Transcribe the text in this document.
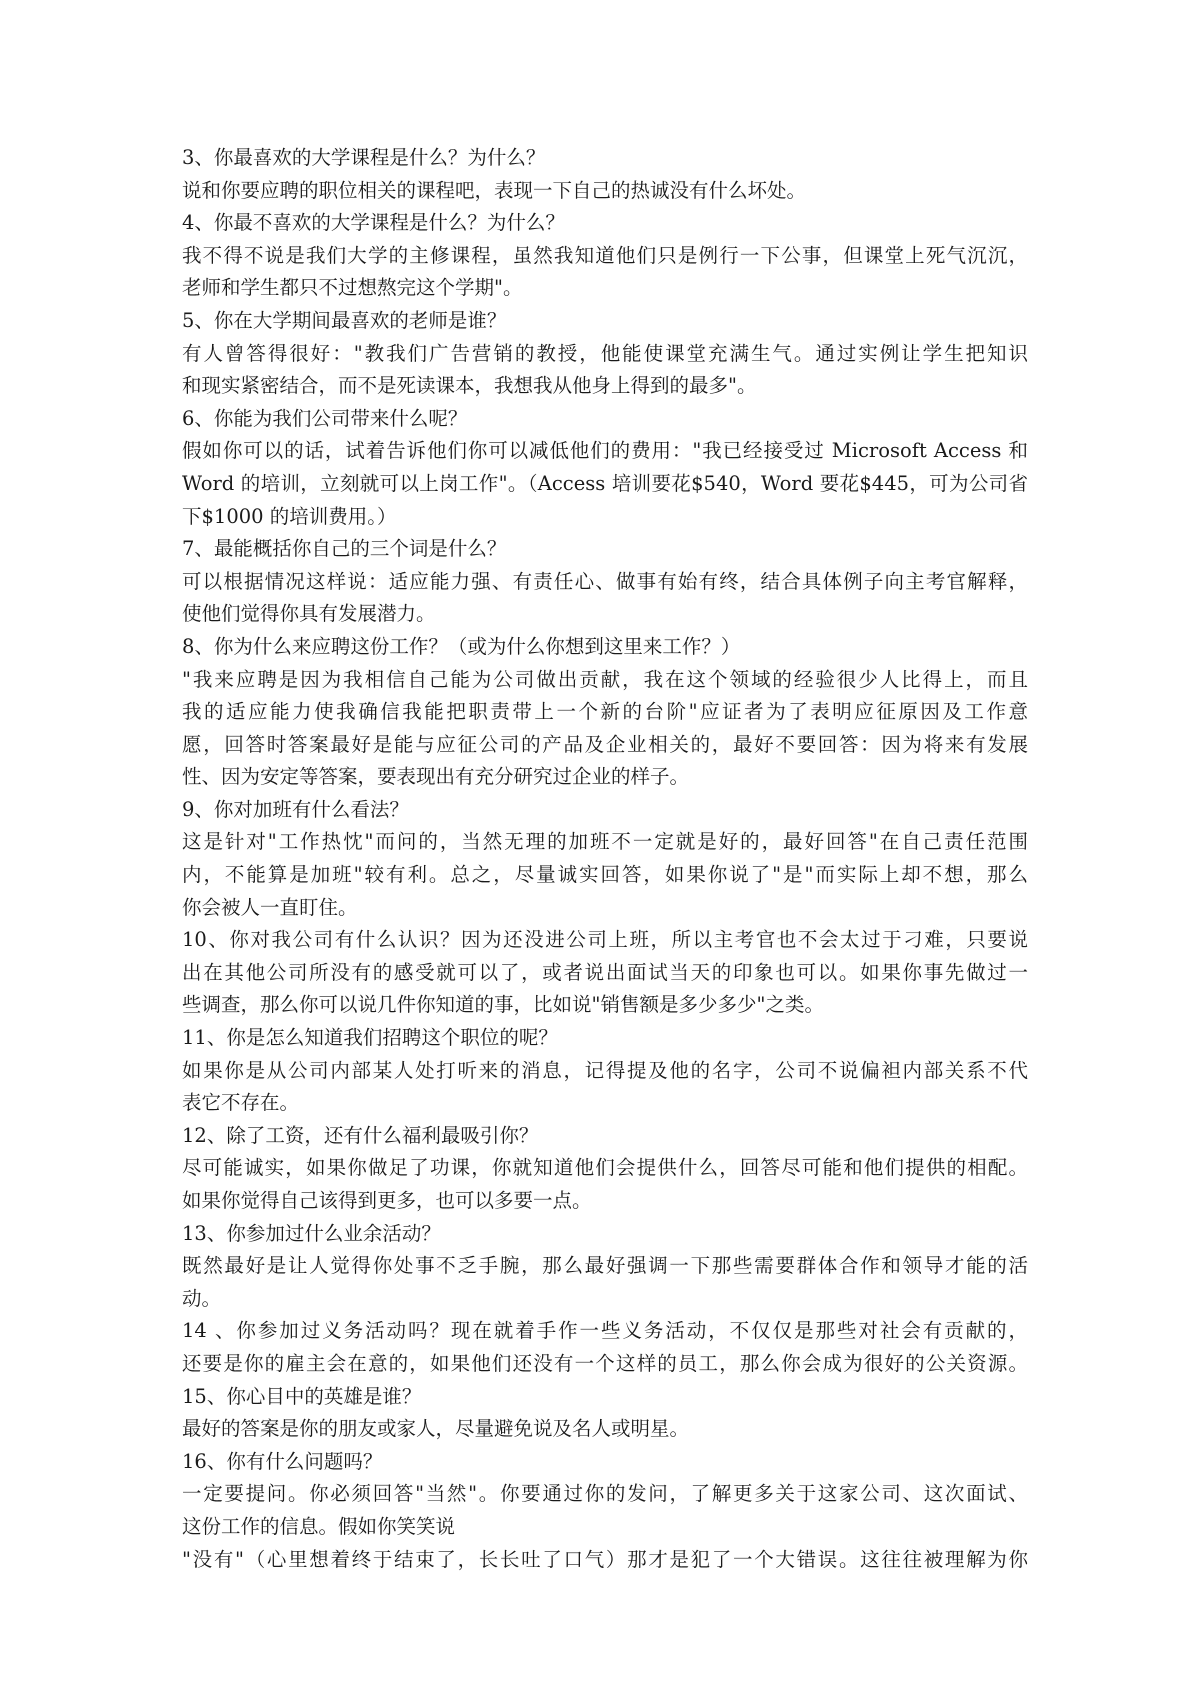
3、你最喜欢的大学课程是什么？为什么？
说和你要应聘的职位相关的课程吧，表现一下自己的热诚没有什么坏处。
4、你最不喜欢的大学课程是什么？为什么？
我不得不说是我们大学的主修课程，虽然我知道他们只是例行一下公事，但课堂上死气沉沉，
老师和学生都只不过想熬完这个学期"。
5、你在大学期间最喜欢的老师是谁？
有人曾答得很好："教我们广告营销的教授，他能使课堂充满生气。通过实例让学生把知识
和现实紧密结合，而不是死读课本，我想我从他身上得到的最多"。
6、你能为我们公司带来什么呢？
假如你可以的话，试着告诉他们你可以减低他们的费用："我已经接受过 Microsoft Access 和
Word 的培训，立刻就可以上岗工作"。（Access 培训要花$540，Word 要花$445，可为公司省
下$1000 的培训费用。）
7、最能概括你自己的三个词是什么？
可以根据情况这样说：适应能力强、有责任心、做事有始有终，结合具体例子向主考官解释，
使他们觉得你具有发展潜力。
8、你为什么来应聘这份工作？（或为什么你想到这里来工作？）
"我来应聘是因为我相信自己能为公司做出贡献，我在这个领域的经验很少人比得上，而且
我的适应能力使我确信我能把职责带上一个新的台阶"应证者为了表明应征原因及工作意
愿，回答时答案最好是能与应征公司的产品及企业相关的，最好不要回答：因为将来有发展
性、因为安定等答案，要表现出有充分研究过企业的样子。
9、你对加班有什么看法？
这是针对"工作热忱"而问的，当然无理的加班不一定就是好的，最好回答"在自己责任范围
内，不能算是加班"较有利。总之，尽量诚实回答，如果你说了"是"而实际上却不想，那么
你会被人一直盯住。
10、你对我公司有什么认识？因为还没进公司上班，所以主考官也不会太过于刁难，只要说
出在其他公司所没有的感受就可以了，或者说出面试当天的印象也可以。如果你事先做过一
些调查，那么你可以说几件你知道的事，比如说"销售额是多少多少"之类。
11、你是怎么知道我们招聘这个职位的呢？
如果你是从公司内部某人处打听来的消息，记得提及他的名字，公司不说偏袒内部关系不代
表它不存在。
12、除了工资，还有什么福利最吸引你？
尽可能诚实，如果你做足了功课，你就知道他们会提供什么，回答尽可能和他们提供的相配。
如果你觉得自己该得到更多，也可以多要一点。
13、你参加过什么业余活动？
既然最好是让人觉得你处事不乏手腕，那么最好强调一下那些需要群体合作和领导才能的活
动。
14 、你参加过义务活动吗？现在就着手作一些义务活动，不仅仅是那些对社会有贡献的，
还要是你的雇主会在意的，如果他们还没有一个这样的员工，那么你会成为很好的公关资源。
15、你心目中的英雄是谁？
最好的答案是你的朋友或家人，尽量避免说及名人或明星。
16、你有什么问题吗？
一定要提问。你必须回答"当然"。你要通过你的发问，了解更多关于这家公司、这次面试、
这份工作的信息。假如你笑笑说
"没有"（心里想着终于结束了，长长吐了口气）那才是犯了一个大错误。这往往被理解为你
